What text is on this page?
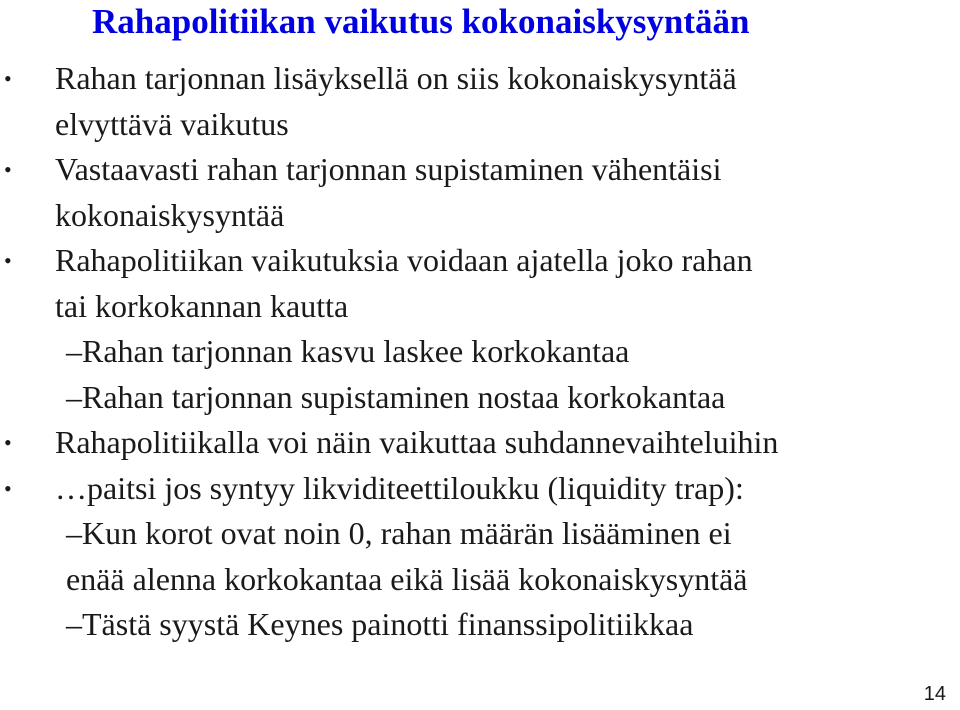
Rahapolitiikan vaikutus kokonaiskysyntään
• Rahan tarjonnan lisäyksellä on siis kokonaiskysyntää
elvyttävä vaikutus
• Vastaavasti rahan tarjonnan supistaminen vähentäisi
kokonaiskysyntää
• Rahapolitiikan vaikutuksia voidaan ajatella joko rahan
tai korkokannan kautta
–Rahan tarjonnan kasvu laskee korkokantaa
–Rahan tarjonnan supistaminen nostaa korkokantaa
• Rahapolitiikalla voi näin vaikuttaa suhdannevaihteluihin
• …paitsi jos syntyy likviditeettiloukku (liquidity trap):
–Kun korot ovat noin 0, rahan määrän lisääminen ei
enää alenna korkokantaa eikä lisää kokonaiskysyntää
–Tästä syystä Keynes painotti finanssipolitiikkaa
14
